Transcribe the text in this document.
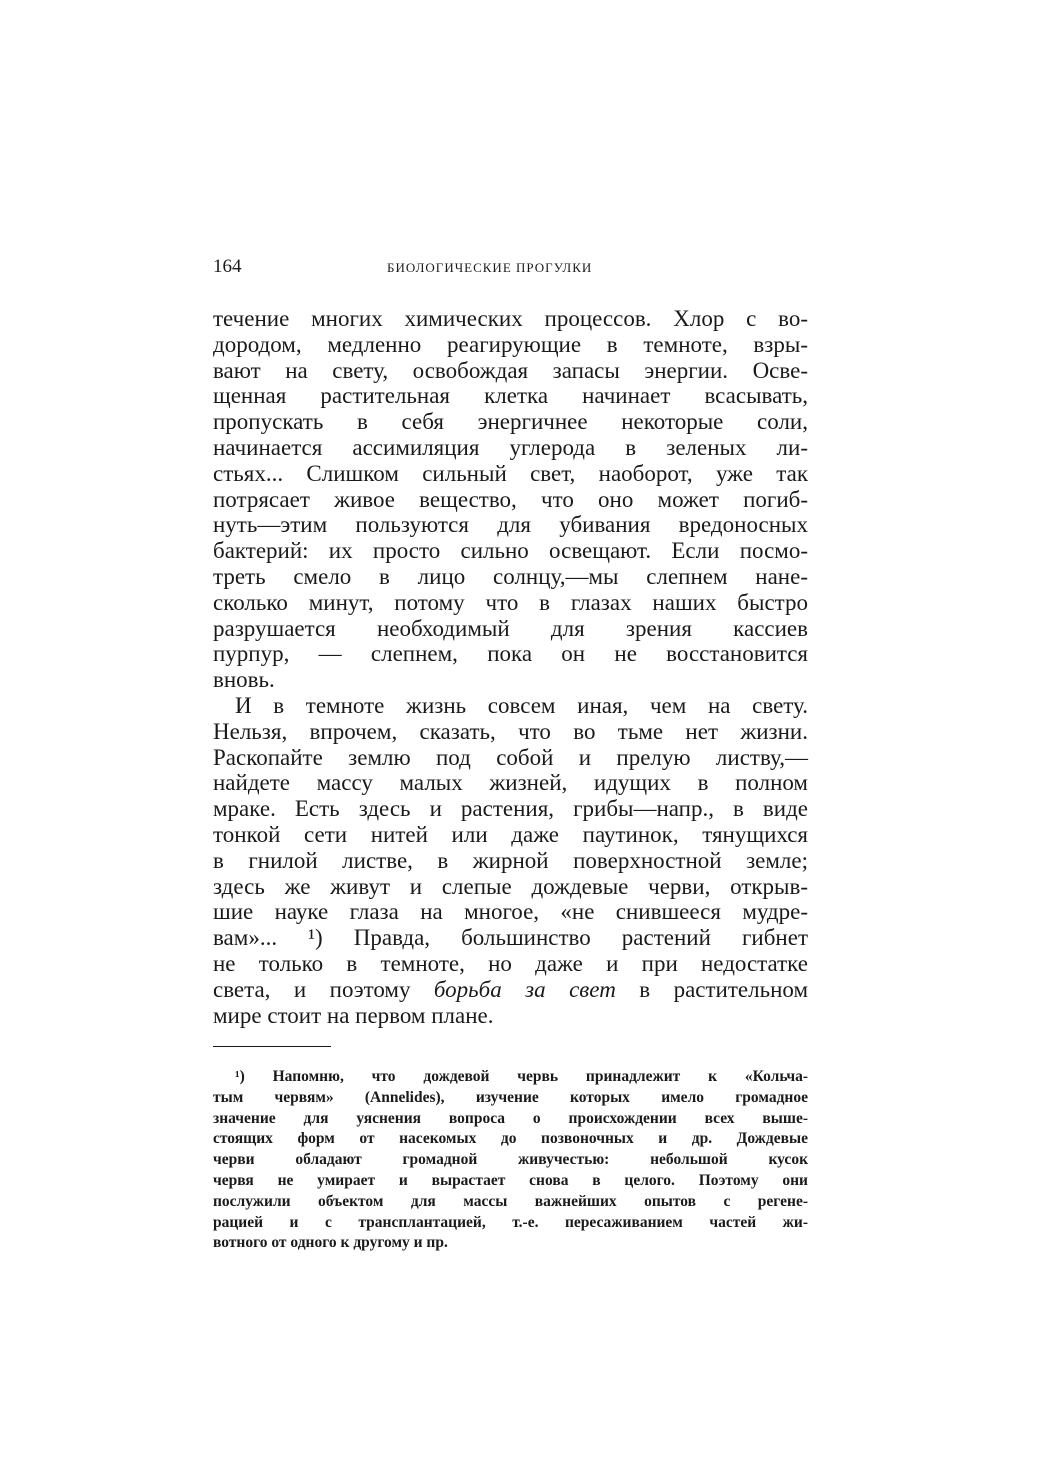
164	БИОЛОГИЧЕСКИЕ ПРОГУЛКИ
течение многих химических процессов. Хлор с во-
дородом, медленно реагирующие в темноте, взры-
вают на свету, освобождая запасы энергии. Осве-
щенная растительная клетка начинает всасывать,
пропускать в себя энергичнее некоторые соли,
начинается ассимиляция углерода в зеленых ли-
стьях... Слишком сильный свет, наоборот, уже так
потрясает живое вещество, что оно может погиб-
нуть—этим пользуются для убивания вредоносных
бактерий: их просто сильно освещают. Если посмо-
треть смело в лицо солнцу,—мы слепнем нане-
сколько минут, потому что в глазах наших быстро
разрушается необходимый для зрения кассиев
пурпур, — слепнем, пока он не восстановится
вновь.
И в темноте жизнь совсем иная, чем на свету.
Нельзя, впрочем, сказать, что во тьме нет жизни.
Раскопайте землю под собой и прелую листву,—
найдете массу малых жизней, идущих в полном
мраке. Есть здесь и растения, грибы—напр., в виде
тонкой сети нитей или даже паутинок, тянущихся
в гнилой листве, в жирной поверхностной земле;
здесь же живут и слепые дождевые черви, открыв-
шие науке глаза на многое, «не снившееся мудре-
вам»... ¹) Правда, большинство растений гибнет
не только в темноте, но даже и при недостатке
света, и поэтому борьба за свет в растительном
мире стоит на первом плане.
¹) Напомню, что дождевой червь принадлежит к «Кольча-
тым червям» (Annelides), изучение которых имело громадное
значение для уяснения вопроса о происхождении всех выше-
стоящих форм от насекомых до позвоночных и др. Дождевые
черви обладают громадной живучестью: небольшой кусок
червя не умирает и вырастает снова в целого. Поэтому они
послужили объектом для массы важнейших опытов с регене-
рацией и с трансплантацией, т.-е. пересаживанием частей жи-
вотного от одного к другому и пр.
